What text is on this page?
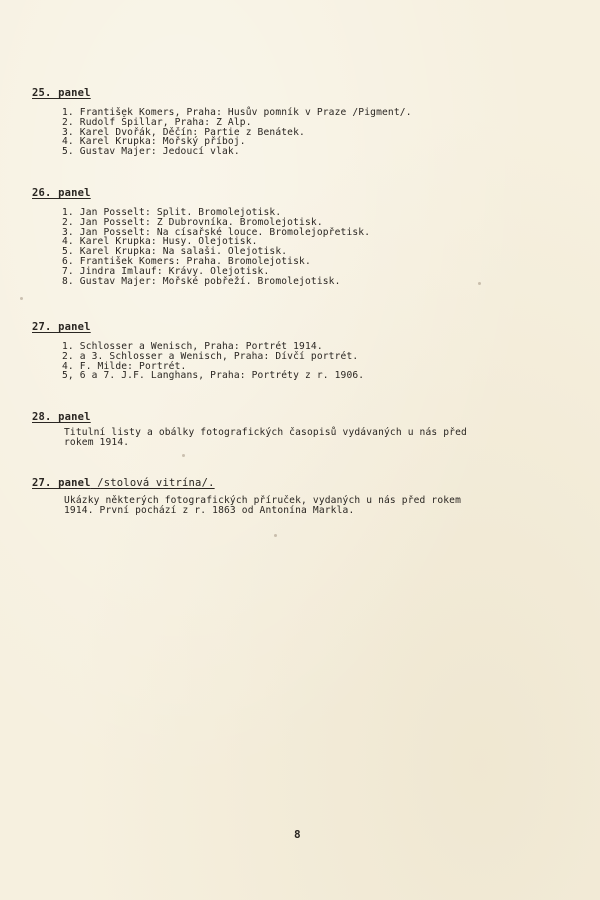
25. panel
1. František Komers, Praha: Husův pomník v Praze /Pigment/.
2. Rudolf Špillar, Praha: Z Alp.
3. Karel Dvořák, Děčín: Partie z Benátek.
4. Karel Krupka: Mořský příboj.
5. Gustav Majer: Jedoucí vlak.
26. panel
1. Jan Posselt: Split. Bromolejotisk.
2. Jan Posselt: Z Dubrovníka. Bromolejotisk.
3. Jan Posselt: Na císařské louce. Bromolejopřetisk.
4. Karel Krupka: Husy. Olejotisk.
5. Karel Krupka: Na salaši. Olejotisk.
6. František Komers: Praha. Bromolejotisk.
7. Jindra Imlauf: Krávy. Olejotisk.
8. Gustav Majer: Mořské pobřeží. Bromolejotisk.
27. panel
1. Schlosser a Wenisch, Praha: Portrét 1914.
2. a 3. Schlosser a Wenisch, Praha: Dívčí portrét.
4. F. Milde: Portrét.
5, 6 a 7. J.F. Langhans, Praha: Portréty z r. 1906.
28. panel
Titulní listy a obálky fotografických časopisů vydávaných u nás před
rokem 1914.
27. panel /stolová vitrína/.
Ukázky některých fotografických příruček, vydaných u nás před rokem
1914. První pochází z r. 1863 od Antonína Markla.
8
